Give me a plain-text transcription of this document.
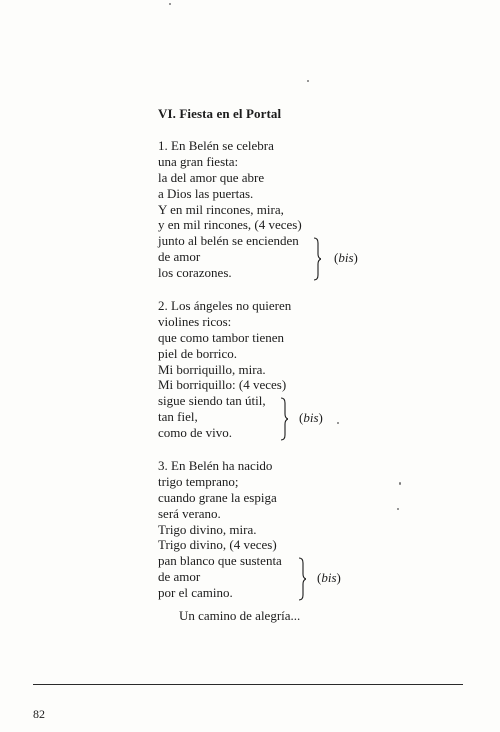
VI. Fiesta en el Portal
1. En Belén se celebra
una gran fiesta:
la del amor que abre
a Dios las puertas.
Y en mil rincones, mira,
y en mil rincones, (4 veces)
junto al belén se encienden
de amor
los corazones.
(bis)
2. Los ángeles no quieren
violines ricos:
que como tambor tienen
piel de borrico.
Mi borriquillo, mira.
Mi borriquillo: (4 veces)
sigue siendo tan útil,
tan fiel,
como de vivo.
(bis)
3. En Belén ha nacido
trigo temprano;
cuando grane la espiga
será verano.
Trigo divino, mira.
Trigo divino, (4 veces)
pan blanco que sustenta
de amor
por el camino.
(bis)
Un camino de alegría...
82
